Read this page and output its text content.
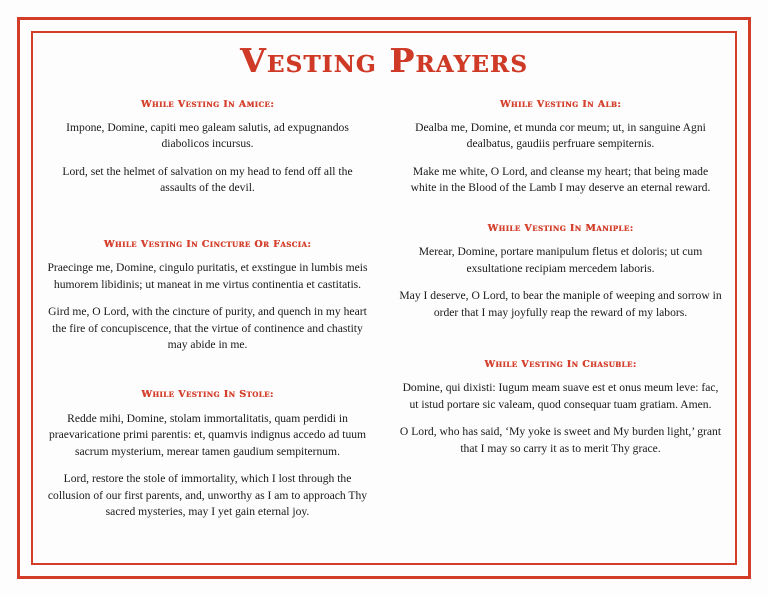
Vesting Prayers
While Vesting In Amice:

Impone, Domine, capiti meo galeam salutis, ad expugnandos diabolicos incursus.

Lord, set the helmet of salvation on my head to fend off all the assaults of the devil.

While Vesting In Cincture Or Fascia:

Praecinge me, Domine, cingulo puritatis, et exstingue in lumbis meis humorem libidinis; ut maneat in me virtus continentia et castitatis.

Gird me, O Lord, with the cincture of purity, and quench in my heart the fire of concupiscence, that the virtue of continence and chastity may abide in me.

While Vesting In Stole:

Redde mihi, Domine, stolam immortalitatis, quam perdidi in praevaricatione primi parentis: et, quamvis indignus accedo ad tuum sacrum mysterium, merear tamen gaudium sempiternum.

Lord, restore the stole of immortality, which I lost through the collusion of our first parents, and, unworthy as I am to approach Thy sacred mysteries, may I yet gain eternal joy.

While Vesting In Alb:

Dealba me, Domine, et munda cor meum; ut, in sanguine Agni dealbatus, gaudiis perfruare sempiternis.

Make me white, O Lord, and cleanse my heart; that being made white in the Blood of the Lamb I may deserve an eternal reward.

While Vesting In Maniple:

Merear, Domine, portare manipulum fletus et doloris; ut cum exsultatione recipiam mercedem laboris.

May I deserve, O Lord, to bear the maniple of weeping and sorrow in order that I may joyfully reap the reward of my labors.

While Vesting In Chasuble:

Domine, qui dixisti: Iugum meam suave est et onus meum leve: fac, ut istud portare sic valeam, quod consequar tuam gratiam. Amen.

O Lord, who has said, ‘My yoke is sweet and My burden light,’ grant that I may so carry it as to merit Thy grace.
